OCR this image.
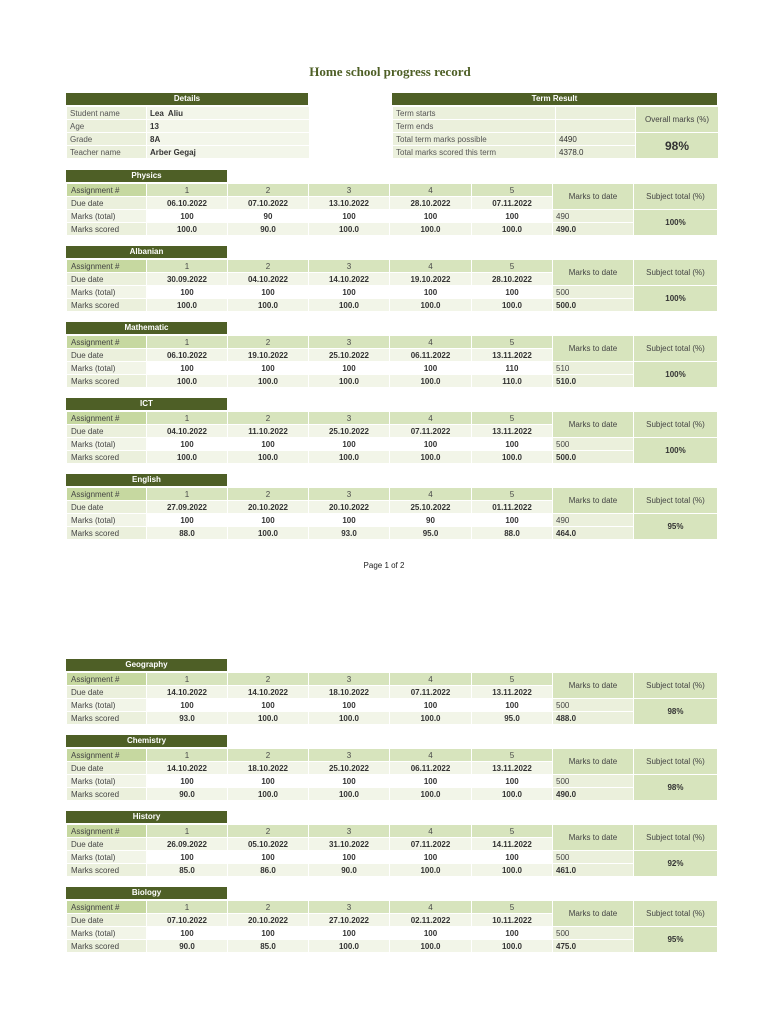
Home school progress record
Details
Student name	Lea  Aliu
Age	13
Grade	8A
Teacher name	Arber Gegaj
Term Result
Term starts		Overall marks (%)
Term ends		
Total term marks possible	4490	98%
Total marks scored this term	4378.0	
Physics
Assignment #	1	2	3	4	5	Marks to date	Subject total (%)
Due date	06.10.2022	07.10.2022	13.10.2022	28.10.2022	07.11.2022		
Marks (total)	100	90	100	100	100	490	100%
Marks scored	100.0	90.0	100.0	100.0	100.0	490.0	
Albanian
Assignment #	1	2	3	4	5	Marks to date	Subject total (%)
Due date	30.09.2022	04.10.2022	14.10.2022	19.10.2022	28.10.2022		
Marks (total)	100	100	100	100	100	500	100%
Marks scored	100.0	100.0	100.0	100.0	100.0	500.0	
Mathematic
Assignment #	1	2	3	4	5	Marks to date	Subject total (%)
Due date	06.10.2022	19.10.2022	25.10.2022	06.11.2022	13.11.2022		
Marks (total)	100	100	100	100	110	510	100%
Marks scored	100.0	100.0	100.0	100.0	110.0	510.0	
ICT
Assignment #	1	2	3	4	5	Marks to date	Subject total (%)
Due date	04.10.2022	11.10.2022	25.10.2022	07.11.2022	13.11.2022		
Marks (total)	100	100	100	100	100	500	100%
Marks scored	100.0	100.0	100.0	100.0	100.0	500.0	
English
Assignment #	1	2	3	4	5	Marks to date	Subject total (%)
Due date	27.09.2022	20.10.2022	20.10.2022	25.10.2022	01.11.2022		
Marks (total)	100	100	100	90	100	490	95%
Marks scored	88.0	100.0	93.0	95.0	88.0	464.0	
Geography
Assignment #	1	2	3	4	5	Marks to date	Subject total (%)
Due date	14.10.2022	14.10.2022	18.10.2022	07.11.2022	13.11.2022		
Marks (total)	100	100	100	100	100	500	98%
Marks scored	93.0	100.0	100.0	100.0	95.0	488.0	
Chemistry
Assignment #	1	2	3	4	5	Marks to date	Subject total (%)
Due date	14.10.2022	18.10.2022	25.10.2022	06.11.2022	13.11.2022		
Marks (total)	100	100	100	100	100	500	98%
Marks scored	90.0	100.0	100.0	100.0	100.0	490.0	
History
Assignment #	1	2	3	4	5	Marks to date	Subject total (%)
Due date	26.09.2022	05.10.2022	31.10.2022	07.11.2022	14.11.2022		
Marks (total)	100	100	100	100	100	500	92%
Marks scored	85.0	86.0	90.0	100.0	100.0	461.0	
Biology
Assignment #	1	2	3	4	5	Marks to date	Subject total (%)
Due date	07.10.2022	20.10.2022	27.10.2022	02.11.2022	10.11.2022		
Marks (total)	100	100	100	100	100	500	95%
Marks scored	90.0	85.0	100.0	100.0	100.0	475.0	
Page 1 of 2
